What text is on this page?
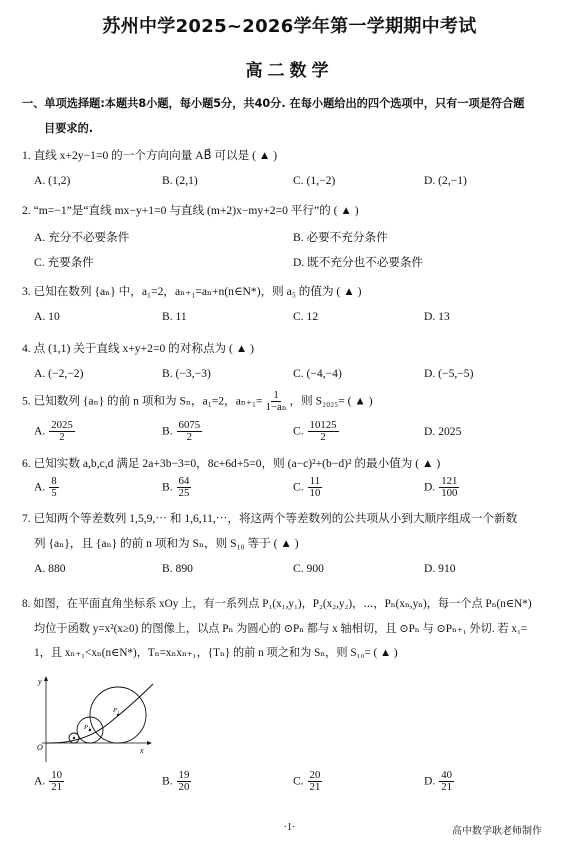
苏州中学2025~2026学年第一学期期中考试
高二数学
一、单项选择题:本题共8小题，每小题5分，共40分. 在每小题给出的四个选项中，只有一项是符合题
目要求的.
1. 直线 x+2y−1=0 的一个方向向量 AB⃗ 可以是 ( ▲ )
A. (1,2)	B. (2,1)	C. (1,−2)	D. (2,−1)
2. “m=−1”是“直线 mx−y+1=0 与直线 (m+2)x−my+2=0 平行”的 ( ▲ )
A. 充分不必要条件	B. 必要不充分条件
C. 充要条件	D. 既不充分也不必要条件
3. 已知在数列 {aₙ} 中，a₁=2，aₙ₊₁=aₙ+n(n∈N*)，则 a₅ 的值为 ( ▲ )
A. 10	B. 11	C. 12	D. 13
4. 点 (1,1) 关于直线 x+y+2=0 的对称点为 ( ▲ )
A. (−2,−2)	B. (−3,−3)	C. (−4,−4)	D. (−5,−5)
5. 已知数列 {aₙ} 的前 n 项和为 Sₙ，a₁=2，$a_{n+1}= \frac{1}{\text{1−aₙ}}$ ，则 S₂₀₂₅= ( ▲ )
A. $\frac{2025}{2}$	B. $\frac{6075}{2}$	C. $\frac{10125}{2}$	D. 2025
6. 已知实数 a,b,c,d 满足 2a+3b−3=0，8c+6d+5=0，则 (a−c)²+(b−d)² 的最小值为 ( ▲ )
A. $\frac{8}{5}$	B. $\frac{64}{25}$	C. $\frac{11}{10}$	D. $\frac{121}{100}$
7. 已知两个等差数列 1,5,9,⋯ 和 1,6,11,⋯，将这两个等差数列的公共项从小到大顺序组成一个新数
列 {aₙ}，且 {aₙ} 的前 n 项和为 Sₙ，则 S₁₀ 等于 ( ▲ )
A. 880	B. 890	C. 900	D. 910
8. 如图，在平面直角坐标系 xOy 上，有一系列点 P₁(x₁,y₁)，P₂(x₂,y₂)，⋯，Pₙ(xₙ,yₙ)，每一个点 Pₙ(n∈N*)
均位于函数 y=x²(x≥0) 的图像上，以点 Pₙ 为圆心的 ⊙Pₙ 都与 x 轴相切，且 ⊙Pₙ 与 ⊙Pₙ₊₁ 外切. 若 x₁=
1，且 xₙ₊₁<xₙ(n∈N*)，Tₙ=xₙxₙ₊₁，{Tₙ} 的前 n 项之和为 Sₙ，则 S₁₀= ( ▲ )
y
x
O
P₂
P₁
A. $\frac{10}{21}$	B. $\frac{19}{20}$	C. $\frac{20}{21}$	D. $\frac{40}{21}$
·1·	高中数学耿老师制作
